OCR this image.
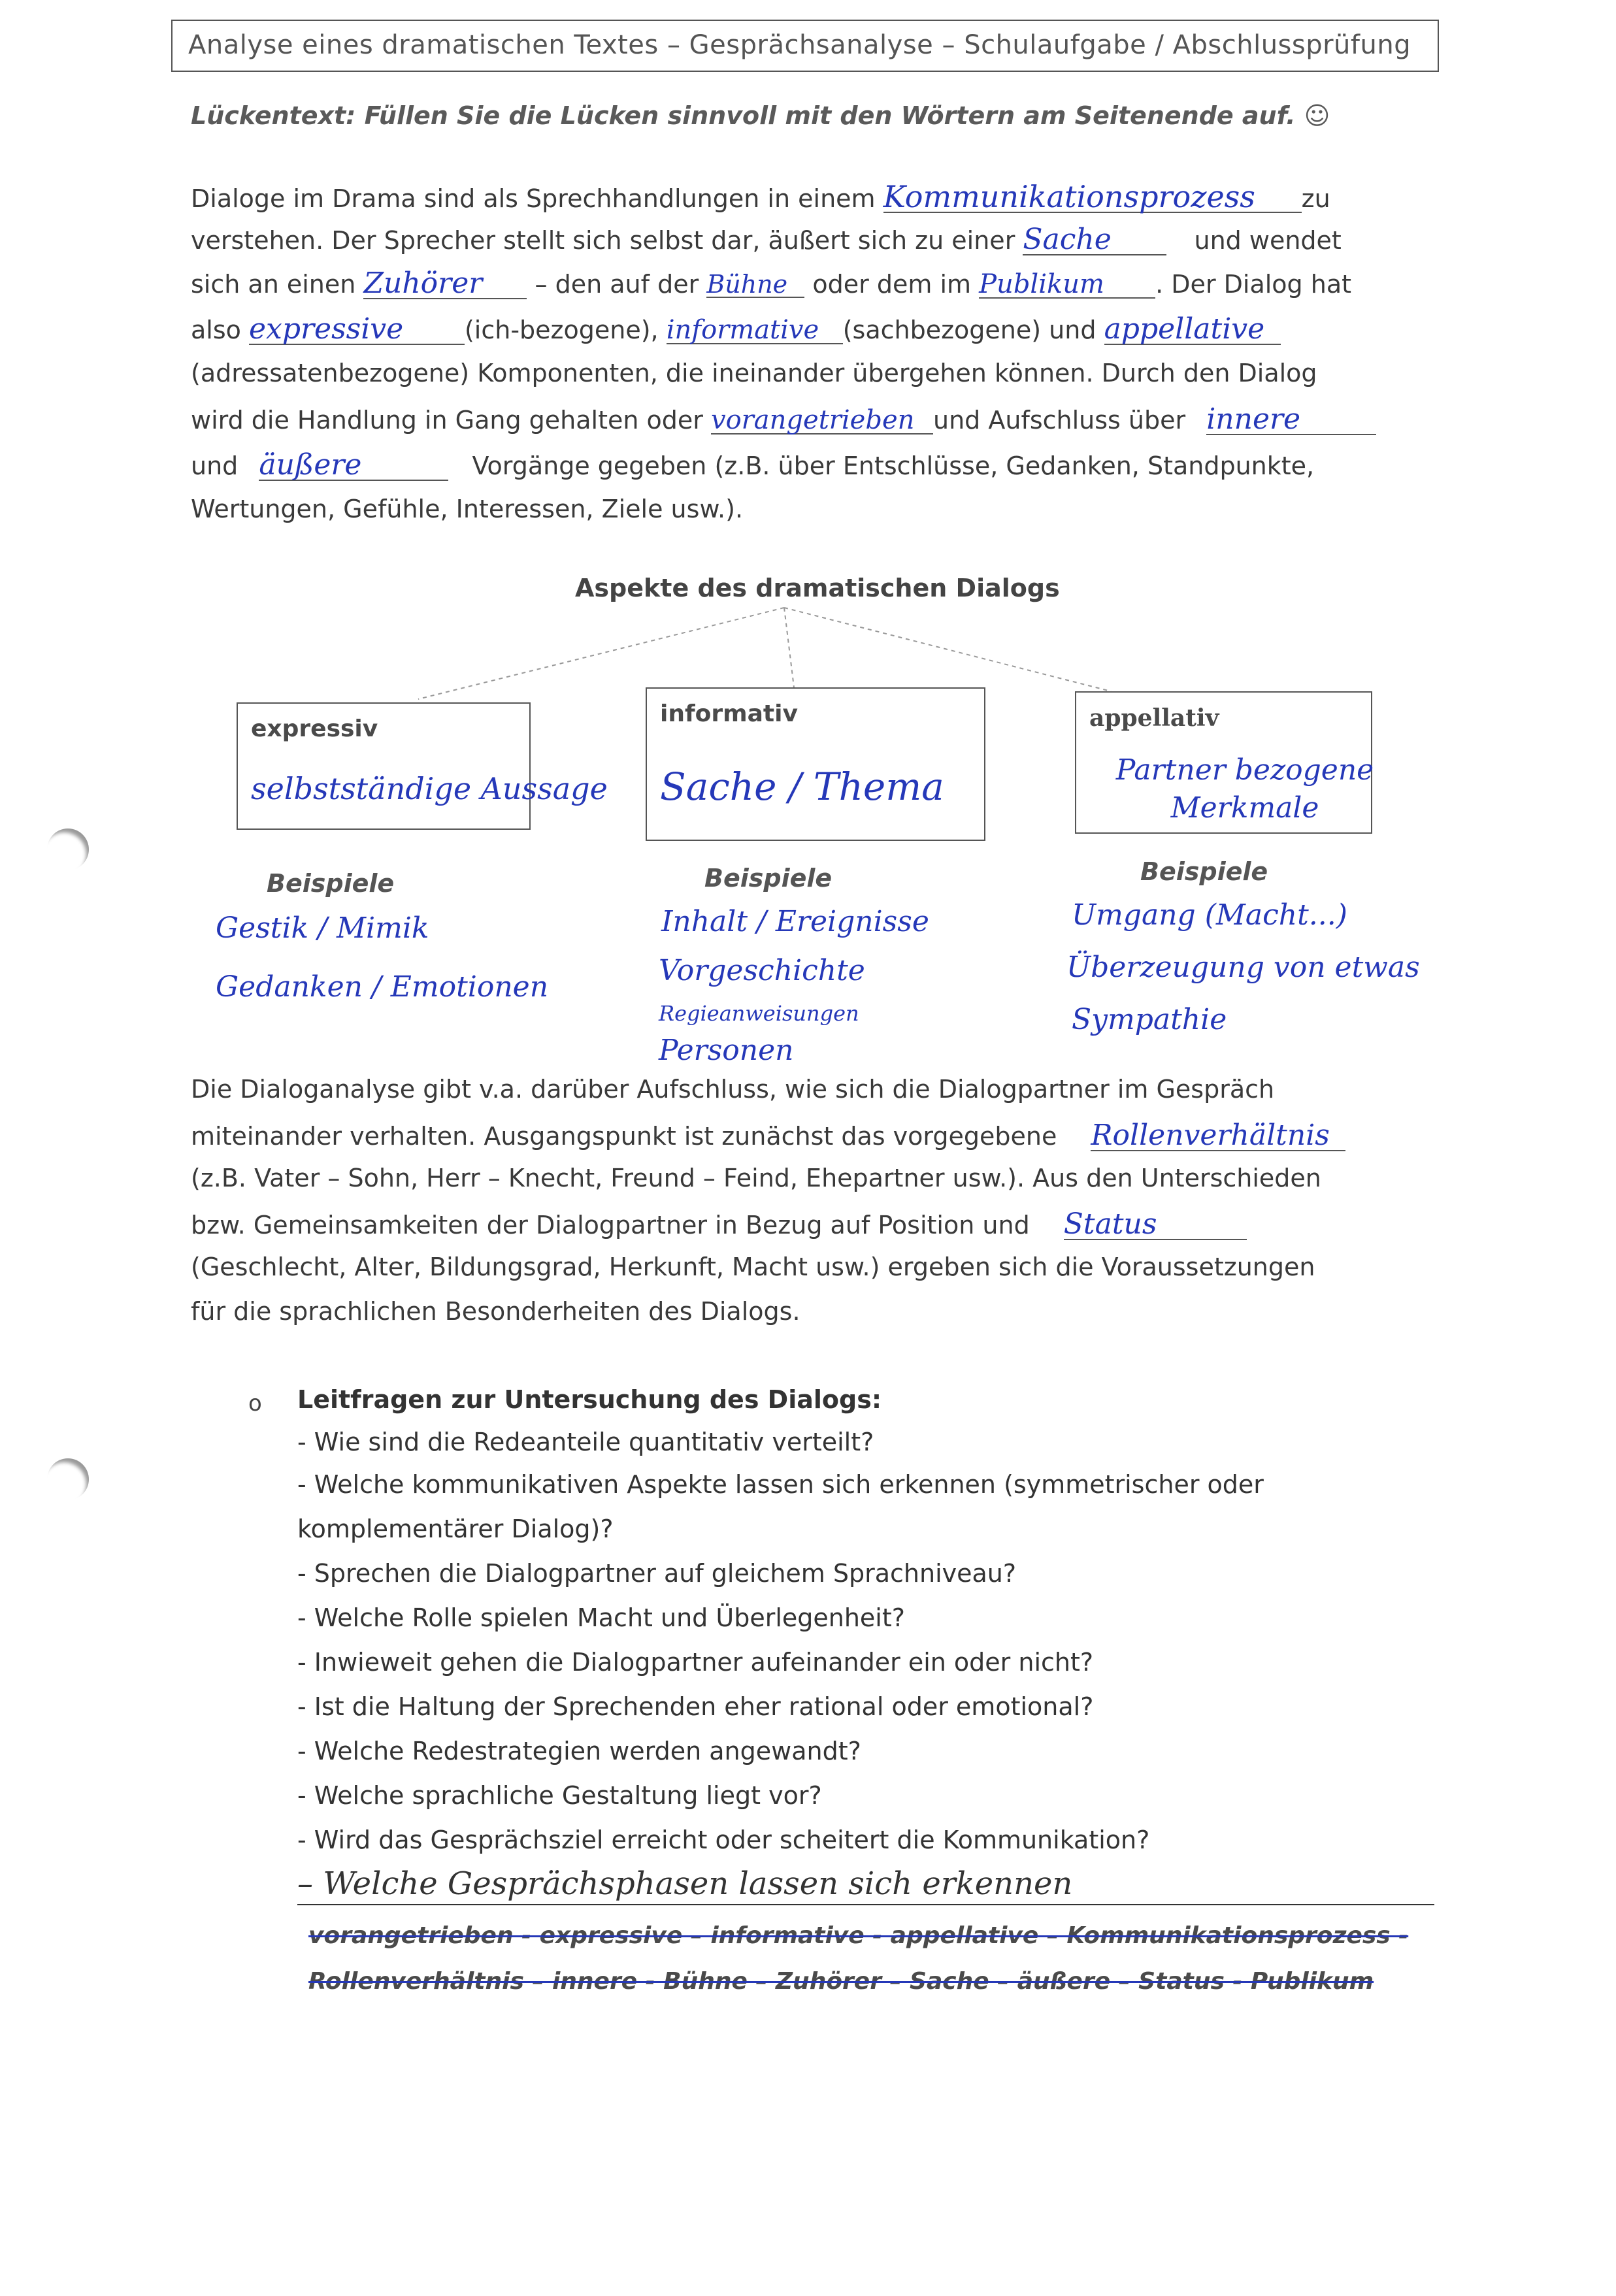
Analyse eines dramatischen Textes – Gesprächsanalyse – Schulaufgabe / Abschlussprüfung
Lückentext: Füllen Sie die Lücken sinnvoll mit den Wörtern am Seitenende auf. ☺
Dialoge im Drama sind als Sprechhandlungen in einem Kommunikationsprozess zu
verstehen. Der Sprecher stellt sich selbst dar, äußert sich zu einer Sache	und wendet
sich an einen Zuhörer – den auf der Bühne oder dem im Publikum . Der Dialog hat
also expressive (ich-bezogene), informative (sachbezogene) und appellative
(adressatenbezogene) Komponenten, die ineinander übergehen können. Durch den Dialog
wird die Handlung in Gang gehalten oder vorangetrieben und Aufschluss über innere
und äußere	Vorgänge gegeben (z.B. über Entschlüsse, Gedanken, Standpunkte,
Wertungen, Gefühle, Interessen, Ziele usw.).
Aspekte des dramatischen Dialogs
expressiv
selbstständige Aussage
informativ
Sache / Thema
appellativ
Partner bezogene Merkmale
Beispiele	Beispiele	Beispiele
Gestik / Mimik
Gedanken / Emotionen
Inhalt / Ereignisse
Vorgeschichte
Regieanweisungen
Personen
Umgang (Macht...)
Überzeugung von etwas
Sympathie
Die Dialoganalyse gibt v.a. darüber Aufschluss, wie sich die Dialogpartner im Gespräch
miteinander verhalten. Ausgangspunkt ist zunächst das vorgegebene Rollenverhältnis
(z.B. Vater – Sohn, Herr – Knecht, Freund – Feind, Ehepartner usw.). Aus den Unterschieden
bzw. Gemeinsamkeiten der Dialogpartner in Bezug auf Position und Status
(Geschlecht, Alter, Bildungsgrad, Herkunft, Macht usw.) ergeben sich die Voraussetzungen
für die sprachlichen Besonderheiten des Dialogs.
o Leitfragen zur Untersuchung des Dialogs:
- Wie sind die Redeanteile quantitativ verteilt?
- Welche kommunikativen Aspekte lassen sich erkennen (symmetrischer oder
komplementärer Dialog)?
- Sprechen die Dialogpartner auf gleichem Sprachniveau?
- Welche Rolle spielen Macht und Überlegenheit?
- Inwieweit gehen die Dialogpartner aufeinander ein oder nicht?
- Ist die Haltung der Sprechenden eher rational oder emotional?
- Welche Redestrategien werden angewandt?
- Welche sprachliche Gestaltung liegt vor?
- Wird das Gesprächsziel erreicht oder scheitert die Kommunikation?
– Welche Gesprächsphasen lassen sich erkennen
vorangetrieben - expressive – informative - appellative – Kommunikationsprozess -
Rollenverhältnis – innere - Bühne – Zuhörer – Sache – äußere – Status - Publikum
